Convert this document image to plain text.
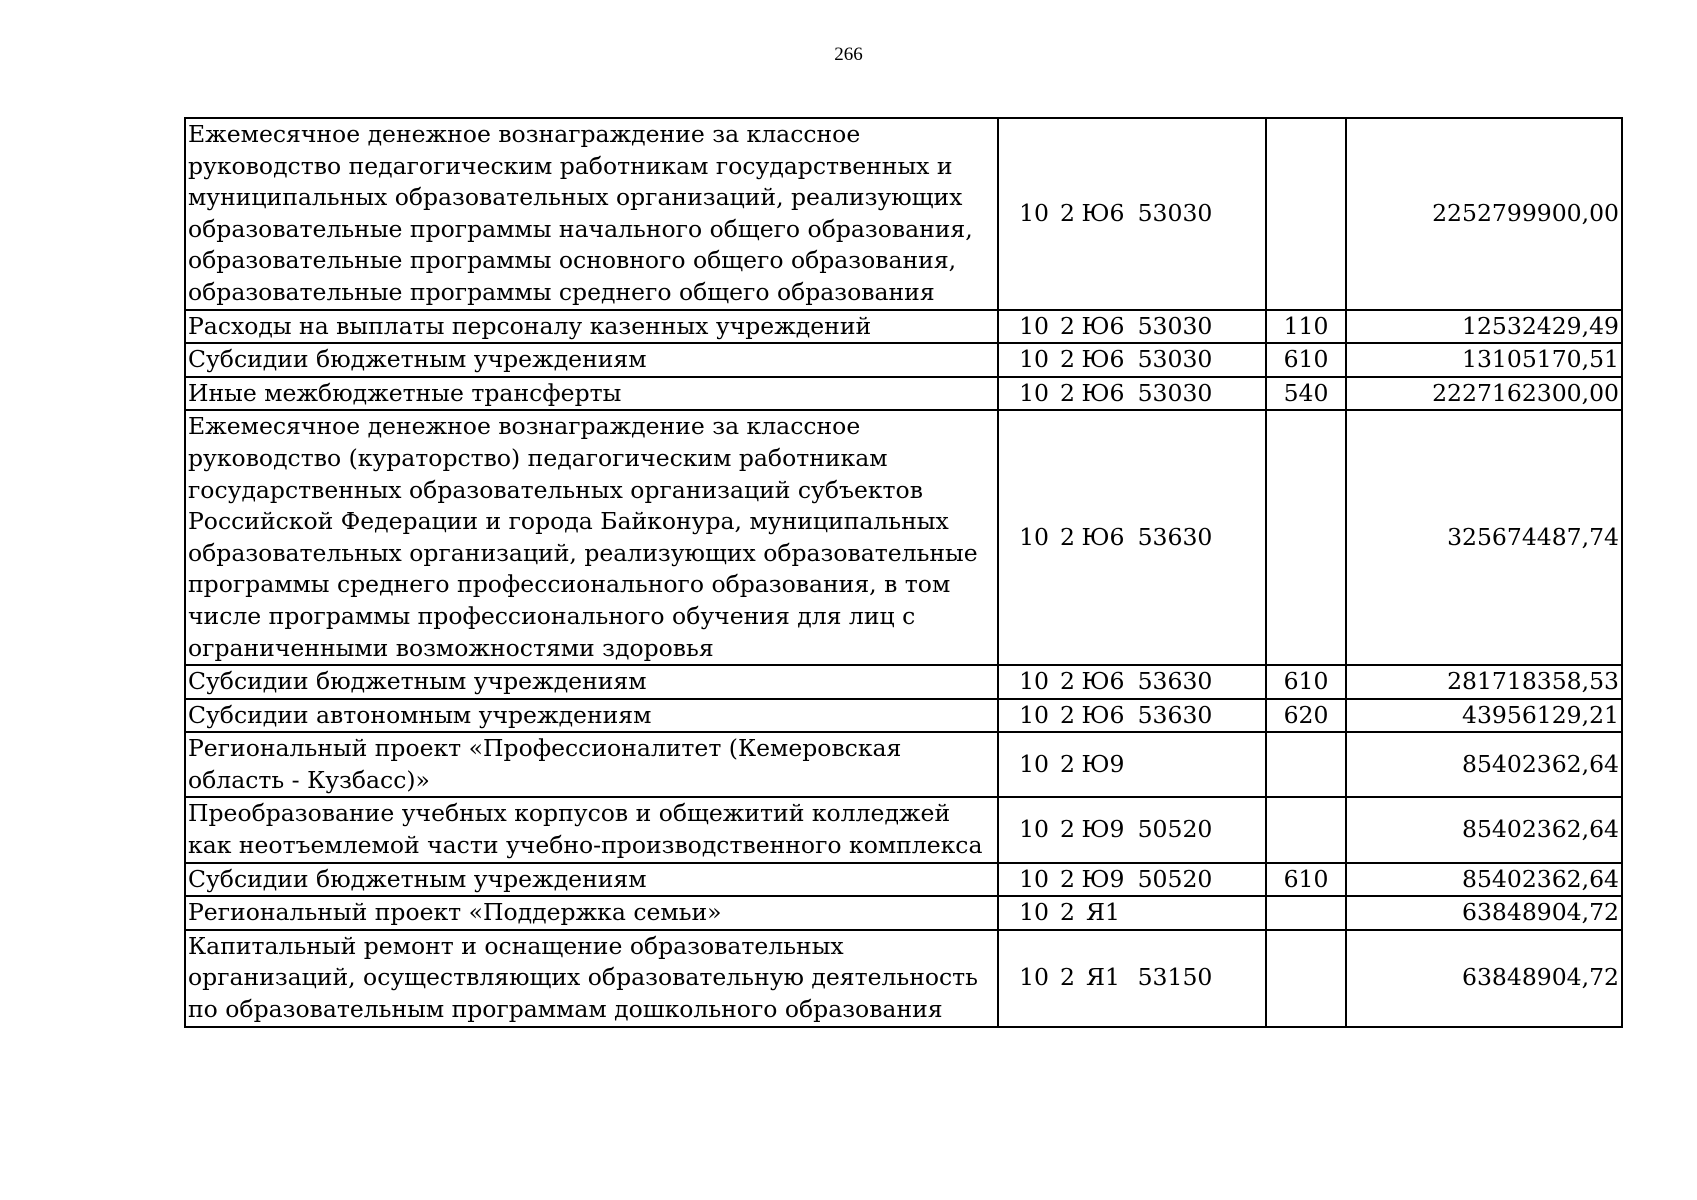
266
Ежемесячное денежное вознаграждение за классное руководство педагогическим работникам государственных и муниципальных образовательных организаций, реализующих образовательные программы начального общего образования, образовательные программы основного общего образования, образовательные программы среднего общего образования	10 2 Ю6 53030		2252799900,00
Расходы на выплаты персоналу казенных учреждений	10 2 Ю6 53030	110	12532429,49
Субсидии бюджетным учреждениям	10 2 Ю6 53030	610	13105170,51
Иные межбюджетные трансферты	10 2 Ю6 53030	540	2227162300,00
Ежемесячное денежное вознаграждение за классное руководство (кураторство) педагогическим работникам государственных образовательных организаций субъектов Российской Федерации и города Байконура, муниципальных образовательных организаций, реализующих образовательные программы среднего профессионального образования, в том числе программы профессионального обучения для лиц с ограниченными возможностями здоровья	10 2 Ю6 53630		325674487,74
Субсидии бюджетным учреждениям	10 2 Ю6 53630	610	281718358,53
Субсидии автономным учреждениям	10 2 Ю6 53630	620	43956129,21
Региональный проект «Профессионалитет (Кемеровская область - Кузбасс)»	10 2 Ю9		85402362,64
Преобразование учебных корпусов и общежитий колледжей как неотъемлемой части учебно-производственного комплекса	10 2 Ю9 50520		85402362,64
Субсидии бюджетным учреждениям	10 2 Ю9 50520	610	85402362,64
Региональный проект «Поддержка семьи»	10 2 Я1		63848904,72
Капитальный ремонт и оснащение образовательных организаций, осуществляющих образовательную деятельность по образовательным программам дошкольного образования	10 2 Я1 53150		63848904,72
